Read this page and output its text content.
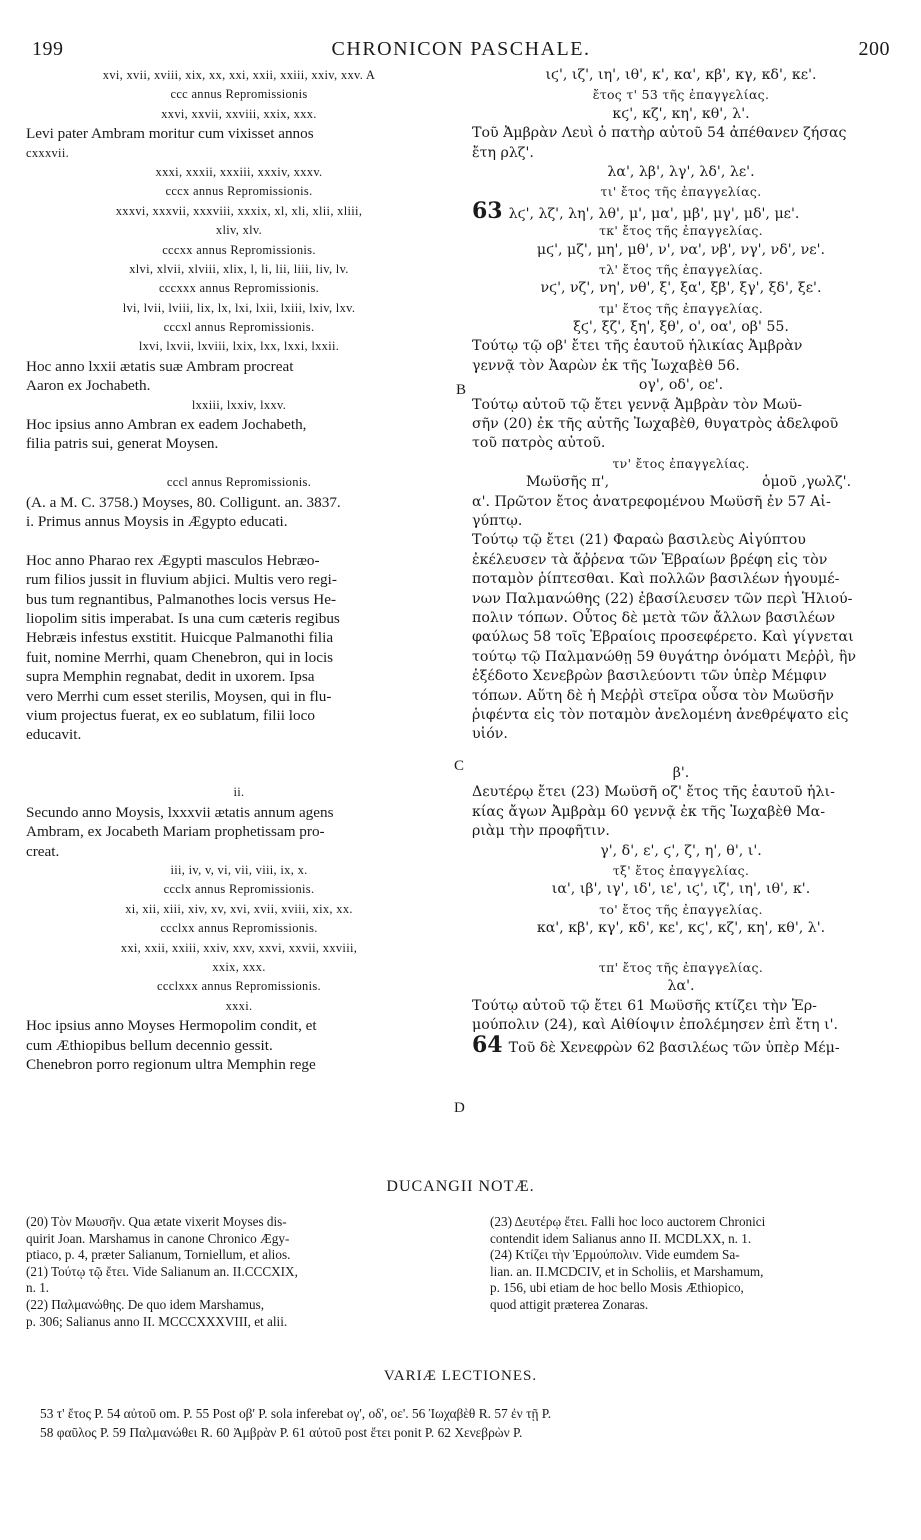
199	CHRONICON PASCHALE.	200
xvi, xvii, xviii, xix, xx, xxi, xxii, xxiii, xxiv, xxv. A
ccc annus Repromissionis
xxvi, xxvii, xxviii, xxix, xxx.
Levi pater Ambram moritur cum vixisset annos
cxxxvii.
xxxi, xxxii, xxxiii, xxxiv, xxxv.
cccx annus Repromissionis.
xxxvi, xxxvii, xxxviii, xxxix, xl, xli, xlii, xliii,
xliv, xlv.
cccxx annus Repromissionis.
xlvi, xlvii, xlviii, xlix, l, li, lii, liii, liv, lv.
cccxxx annus Repromissionis.
lvi, lvii, lviii, lix, lx, lxi, lxii, lxiii, lxiv, lxv.
cccxl annus Repromissionis.
lxvi, lxvii, lxviii, lxix, lxx, lxxi, lxxii.
Hoc anno lxxii ætatis suæ Ambram procreat
Aaron ex Jochabeth.
lxxiii, lxxiv, lxxv.
Hoc ipsius anno Ambran ex eadem Jochabeth,
filia patris sui, generat Moysen.
cccl annus Repromissionis.
(A. a M. C. 3758.) Moyses, 80. Colligunt. an. 3837.
i. Primus annus Moysis in Ægypto educati.
Hoc anno Pharao rex Ægypti masculos Hebræo-
rum filios jussit in fluvium abjici. Multis vero regi-
bus tum regnantibus, Palmanothes locis versus He-
liopolim sitis imperabat. Is una cum cæteris regibus
Hebræis infestus exstitit. Huicque Palmanothi filia
fuit, nomine Merrhi, quam Chenebron, qui in locis
supra Memphin regnabat, dedit in uxorem. Ipsa
vero Merrhi cum esset sterilis, Moysen, qui in flu-
vium projectus fuerat, ex eo sublatum, filii loco
educavit.
ii.
Secundo anno Moysis, lxxxvii ætatis annum agens
Ambram, ex Jocabeth Mariam prophetissam pro-
creat.
iii, iv, v, vi, vii, viii, ix, x.
ccclx annus Repromissionis.
xi, xii, xiii, xiv, xv, xvi, xvii, xviii, xix, xx.
ccclxx annus Repromissionis.
xxi, xxii, xxiii, xxiv, xxv, xxvi, xxvii, xxviii,
xxix, xxx.
ccclxxx annus Repromissionis.
xxxi.
Hoc ipsius anno Moyses Hermopolim condit, et
cum Æthiopibus bellum decennio gessit.
Chenebron porro regionum ultra Memphin rege
B
C
D
ιϛ', ιζ', ιη', ιθ', κ', κα', κβ', κγ, κδ', κε'.
ἔτος τ' 53 τῆς ἐπαγγελίας.
κϛ', κζ', κη', κθ', λ'.
Τοῦ Ἀμβρὰν Λευὶ ὁ πατὴρ αὐτοῦ 54 ἀπέθανεν ζήσας
ἔτη ρλζ'.
λα', λβ', λγ', λδ', λε'.
τι' ἔτος τῆς ἐπαγγελίας.
63 λϛ', λζ', λη', λθ', μ', μα', μβ', μγ', μδ', με'.
τκ' ἔτος τῆς ἐπαγγελίας.
μϛ', μζ', μη', μθ', ν', να', νβ', νγ', νδ', νε'.
τλ' ἔτος τῆς ἐπαγγελίας.
νϛ', νζ', νη', νθ', ξ', ξα', ξβ', ξγ', ξδ', ξε'.
τμ' ἔτος τῆς ἐπαγγελίας.
ξϛ', ξζ', ξη', ξθ', ο', οα', οβ' 55.
Τούτῳ τῷ οβ' ἔτει τῆς ἑαυτοῦ ἡλικίας Ἀμβρὰν
γεννᾷ τὸν Ἀαρὼν ἐκ τῆς Ἰωχαβὲθ 56.
ογ', οδ', οε'.
Τούτῳ αὐτοῦ τῷ ἔτει γεννᾷ Ἀμβρὰν τὸν Μωϋ-
σῆν (20) ἐκ τῆς αὐτῆς Ἰωχαβὲθ, θυγατρὸς ἀδελφοῦ
τοῦ πατρὸς αὐτοῦ.
τν' ἔτος ἐπαγγελίας.
Μωϋσῆς π',	ὁμοῦ ,γωλζ'.
α'. Πρῶτον ἔτος ἀνατρεφομένου Μωϋσῆ ἐν 57 Αἰ-
γύπτῳ.
Τούτῳ τῷ ἔτει (21) Φαραὼ βασιλεὺς Αἰγύπτου
ἐκέλευσεν τὰ ἄῤῥενα τῶν Ἑβραίων βρέφη εἰς τὸν
ποταμὸν ῥίπτεσθαι. Καὶ πολλῶν βασιλέων ἡγουμέ-
νων Παλμανώθης (22) ἐβασίλευσεν τῶν περὶ Ἡλιού-
πολιν τόπων. Οὗτος δὲ μετὰ τῶν ἄλλων βασιλέων
φαύλως 58 τοῖς Ἑβραίοις προσεφέρετο. Καὶ γίγνεται
τούτῳ τῷ Παλμανώθῃ 59 θυγάτηρ ὀνόματι Μεῤῥὶ, ἣν
ἐξέδοτο Χενεβρὼν βασιλεύοντι τῶν ὑπὲρ Μέμφιν
τόπων. Αὕτη δὲ ἡ Μεῤῥὶ στεῖρα οὖσα τὸν Μωϋσῆν
ῥιφέντα εἰς τὸν ποταμὸν ἀνελομένη ἀνεθρέψατο εἰς
υἱόν.
β'.
Δευτέρῳ ἔτει (23) Μωϋσῆ οζ' ἔτος τῆς ἑαυτοῦ ἡλι-
κίας ἄγων Ἀμβρὰμ 60 γεννᾷ ἐκ τῆς Ἰωχαβὲθ Μα-
ριὰμ τὴν προφῆτιν.
γ', δ', ε', ϛ', ζ', η', θ', ι'.
τξ' ἔτος ἐπαγγελίας.
ια', ιβ', ιγ', ιδ', ιε', ιϛ', ιζ', ιη', ιθ', κ'.
το' ἔτος τῆς ἐπαγγελίας.
κα', κβ', κγ', κδ', κε', κϛ', κζ', κη', κθ', λ'.
τπ' ἔτος τῆς ἐπαγγελίας.
λα'.
Τούτῳ αὐτοῦ τῷ ἔτει 61 Μωϋσῆς κτίζει τὴν Ἑρ-
μούπολιν (24), καὶ Αἰθίοψιν ἐπολέμησεν ἐπὶ ἔτη ι'.
64 Τοῦ δὲ Χενεφρὼν 62 βασιλέως τῶν ὑπὲρ Μέμ-
DUCANGII NOTÆ.
(20) Τὸν Μωυσῆν. Qua ætate vixerit Moyses dis-
quirit Joan. Marshamus in canone Chronico Ægy-
ptiaco, p. 4, præter Salianum, Torniellum, et alios.
(21) Τούτῳ τῷ ἔτει. Vide Salianum an. II.CCCXIX,
n. 1.
(22) Παλμανώθης. De quo idem Marshamus,
p. 306; Salianus anno II. MCCCXXXVIII, et alii.
(23) Δευτέρῳ ἔτει. Falli hoc loco auctorem Chronici
contendit idem Salianus anno II. MCDLXX, n. 1.
(24) Κτίζει τὴν Ἑρμούπολιν. Vide eumdem Sa-
lian. an. II.MCDCIV, et in Scholiis, et Marshamum,
p. 156, ubi etiam de hoc bello Mosis Æthiopico,
quod attigit præterea Zonaras.
VARIÆ LECTIONES.
53 τ' ἔτος P. 54 αὐτοῦ om. P. 55 Post οβ' P. sola inferebat ογ', οδ', οε'. 56 Ἰωχαβὲθ R. 57 ἐν τῇ P.
58 φαῦλος P. 59 Παλμανώθει R. 60 Ἀμβρὰν P. 61 αὐτοῦ post ἔτει ponit P. 62 Χενεβρὼν P.
